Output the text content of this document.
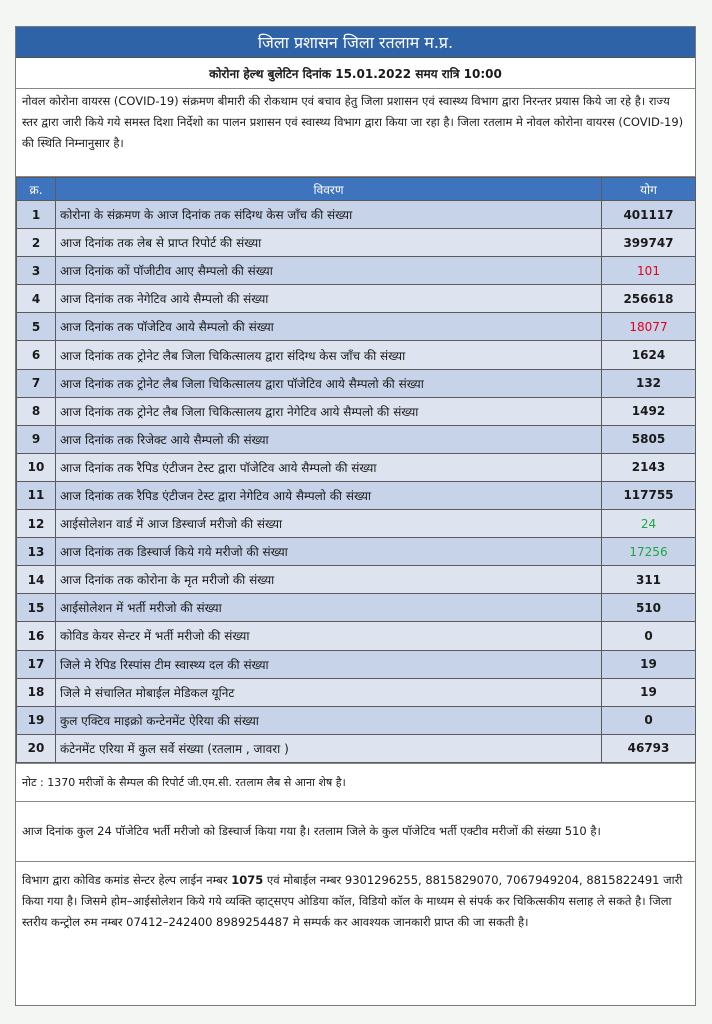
जिला प्रशासन जिला रतलाम म.प्र.
कोरोना हेल्थ बुलेटिन दिनांक 15.01.2022 समय रात्रि 10:00
नोवल कोरोना वायरस (COVID-19) संक्रमण बीमारी की रोकथाम एवं बचाव हेतु जिला प्रशासन एवं स्वास्थ्य विभाग द्वारा निरन्तर प्रयास किये जा रहे है। राज्य स्तर द्वारा जारी किये गये समस्त दिशा निर्देशो का पालन प्रशासन एवं स्वास्थ्य विभाग द्वारा किया जा रहा है। जिला रतलाम मे नोवल कोरोना वायरस (COVID-19) की स्थिति निम्नानुसार है।
क्र.	विवरण	योग
1	कोरोना के संक्रमण के आज दिनांक तक संदिग्ध केस जाँच की संख्या	401117
2	आज दिनांक तक लेब से प्राप्त रिपोर्ट की संख्या	399747
3	आज दिनांक कों पॉजीटीव आए सैम्पलो की संख्या	101
4	आज दिनांक तक नेगेटिव आये सैम्पलो की संख्या	256618
5	आज दिनांक तक पॉजेटिव आये सैम्पलो की संख्या	18077
6	आज दिनांक तक ट्रोनेट लैब जिला चिकित्सालय द्वारा संदिग्ध केस जाँच की संख्या	1624
7	आज दिनांक तक ट्रोनेट लैब जिला चिकित्सालय द्वारा पॉजेटिव आये सैम्पलो की संख्या	132
8	आज दिनांक तक ट्रोनेट लैब जिला चिकित्सालय द्वारा नेगेटिव आये सैम्पलो की संख्या	1492
9	आज दिनांक तक रिजेक्ट आये सैम्पलो की संख्या	5805
10	आज दिनांक तक रैपिड एंटीजन टेस्ट द्वारा पॉजेटिव आये सैम्पलो की संख्या	2143
11	आज दिनांक तक रैपिड एंटीजन टेस्ट द्वारा नेगेटिव आये सैम्पलो की संख्या	117755
12	आईसोलेशन वार्ड में आज डिस्चार्ज मरीजो की संख्या	24
13	आज दिनांक तक डिस्चार्ज किये गये मरीजो की संख्या	17256
14	आज दिनांक तक कोरोना के मृत मरीजो की संख्या	311
15	आईसोलेशन में भर्ती मरीजो की संख्या	510
16	कोविड केयर सेन्टर में भर्ती मरीजो की संख्या	0
17	जिले मे रेपिड रिस्पांस टीम स्वास्थ्य दल की संख्या	19
18	जिले मे संचालित मोबाईल मेडिकल यूनिट	19
19	कुल एक्टिव माइक्रो कन्टेनमेंट ऐरिया की संख्या	0
20	कंटेनमेंट एरिया में कुल सर्वे संख्या (रतलाम , जावरा )	46793
नोट : 1370 मरीजों के सैम्पल की रिपोर्ट जी.एम.सी. रतलाम लैब से आना शेष है।
आज दिनांक कुल 24 पॉजेटिव भर्ती मरीजो को डिस्चार्ज किया गया है। रतलाम जिले के कुल पॉजेटिव भर्ती एक्टीव मरीजों की संख्या 510 है।
विभाग द्वारा कोविड कमांड सेन्टर हेल्प लाईन नम्बर 1075 एवं मोबाईल नम्बर 9301296255, 8815829070, 7067949204, 8815822491 जारी किया गया है। जिसमे होम–आईसोलेशन किये गये व्यक्ति व्हाट्सएप ओडिया कॉल, विडियो कॉल के माध्यम से संपर्क कर चिकित्सकीय सलाह ले सकते है। जिला स्तरीय कन्ट्रोल रुम नम्बर 07412–242400 8989254487 मे सम्पर्क कर आवश्यक जानकारी प्राप्त की जा सकती है।
